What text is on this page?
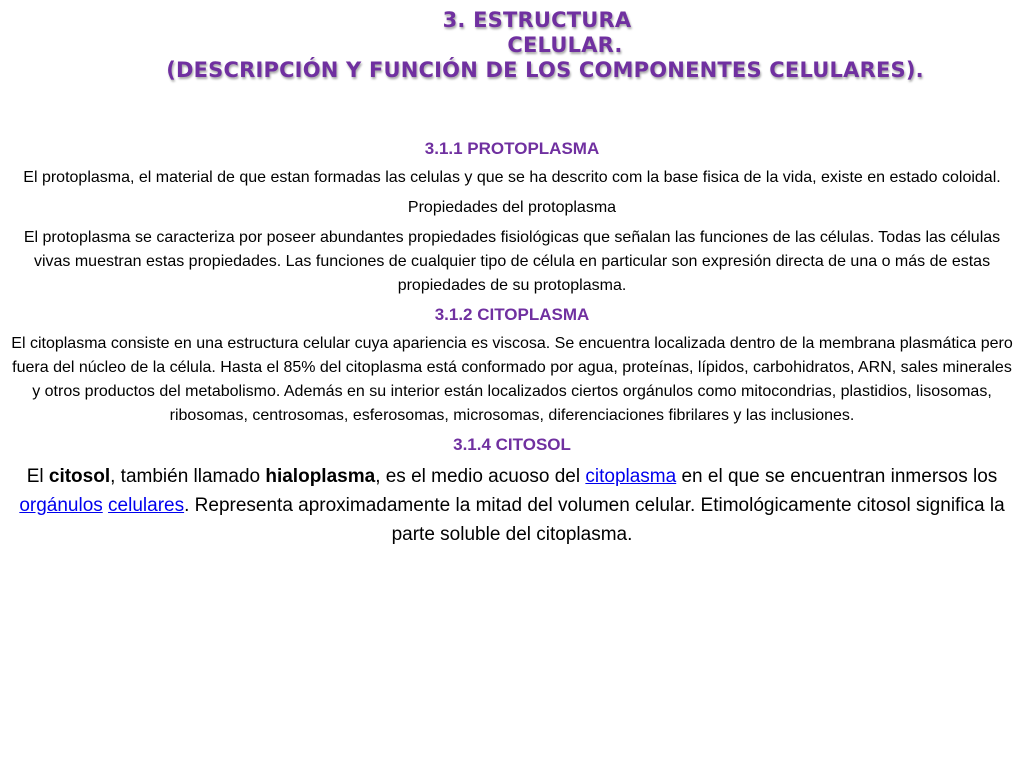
3. ESTRUCTURA
CELULAR.
(DESCRIPCIÓN Y FUNCIÓN DE LOS COMPONENTES CELULARES).
3.1.1 PROTOPLASMA
El protoplasma, el material de que estan formadas las celulas y que se ha descrito com la base fisica de la vida, existe en estado coloidal.
Propiedades del protoplasma
El protoplasma se caracteriza por poseer abundantes propiedades fisiológicas que señalan las funciones de las células. Todas las células vivas muestran estas propiedades. Las funciones de cualquier tipo de célula en particular son expresión directa de una o más de estas propiedades de su protoplasma.
3.1.2 CITOPLASMA
El citoplasma consiste en una estructura celular cuya apariencia es viscosa. Se encuentra localizada dentro de la membrana plasmática pero fuera del núcleo de la célula. Hasta el 85% del citoplasma está conformado por agua, proteínas, lípidos, carbohidratos, ARN, sales minerales y otros productos del metabolismo. Además en su interior están localizados ciertos orgánulos como mitocondrias, plastidios, lisosomas, ribosomas, centrosomas, esferosomas, microsomas, diferenciaciones fibrilares y las inclusiones.
3.1.4 CITOSOL
El citosol, también llamado hialoplasma, es el medio acuoso del citoplasma en el que se encuentran inmersos los orgánulos celulares. Representa aproximadamente la mitad del volumen celular. Etimológicamente citosol significa la parte soluble del citoplasma.
